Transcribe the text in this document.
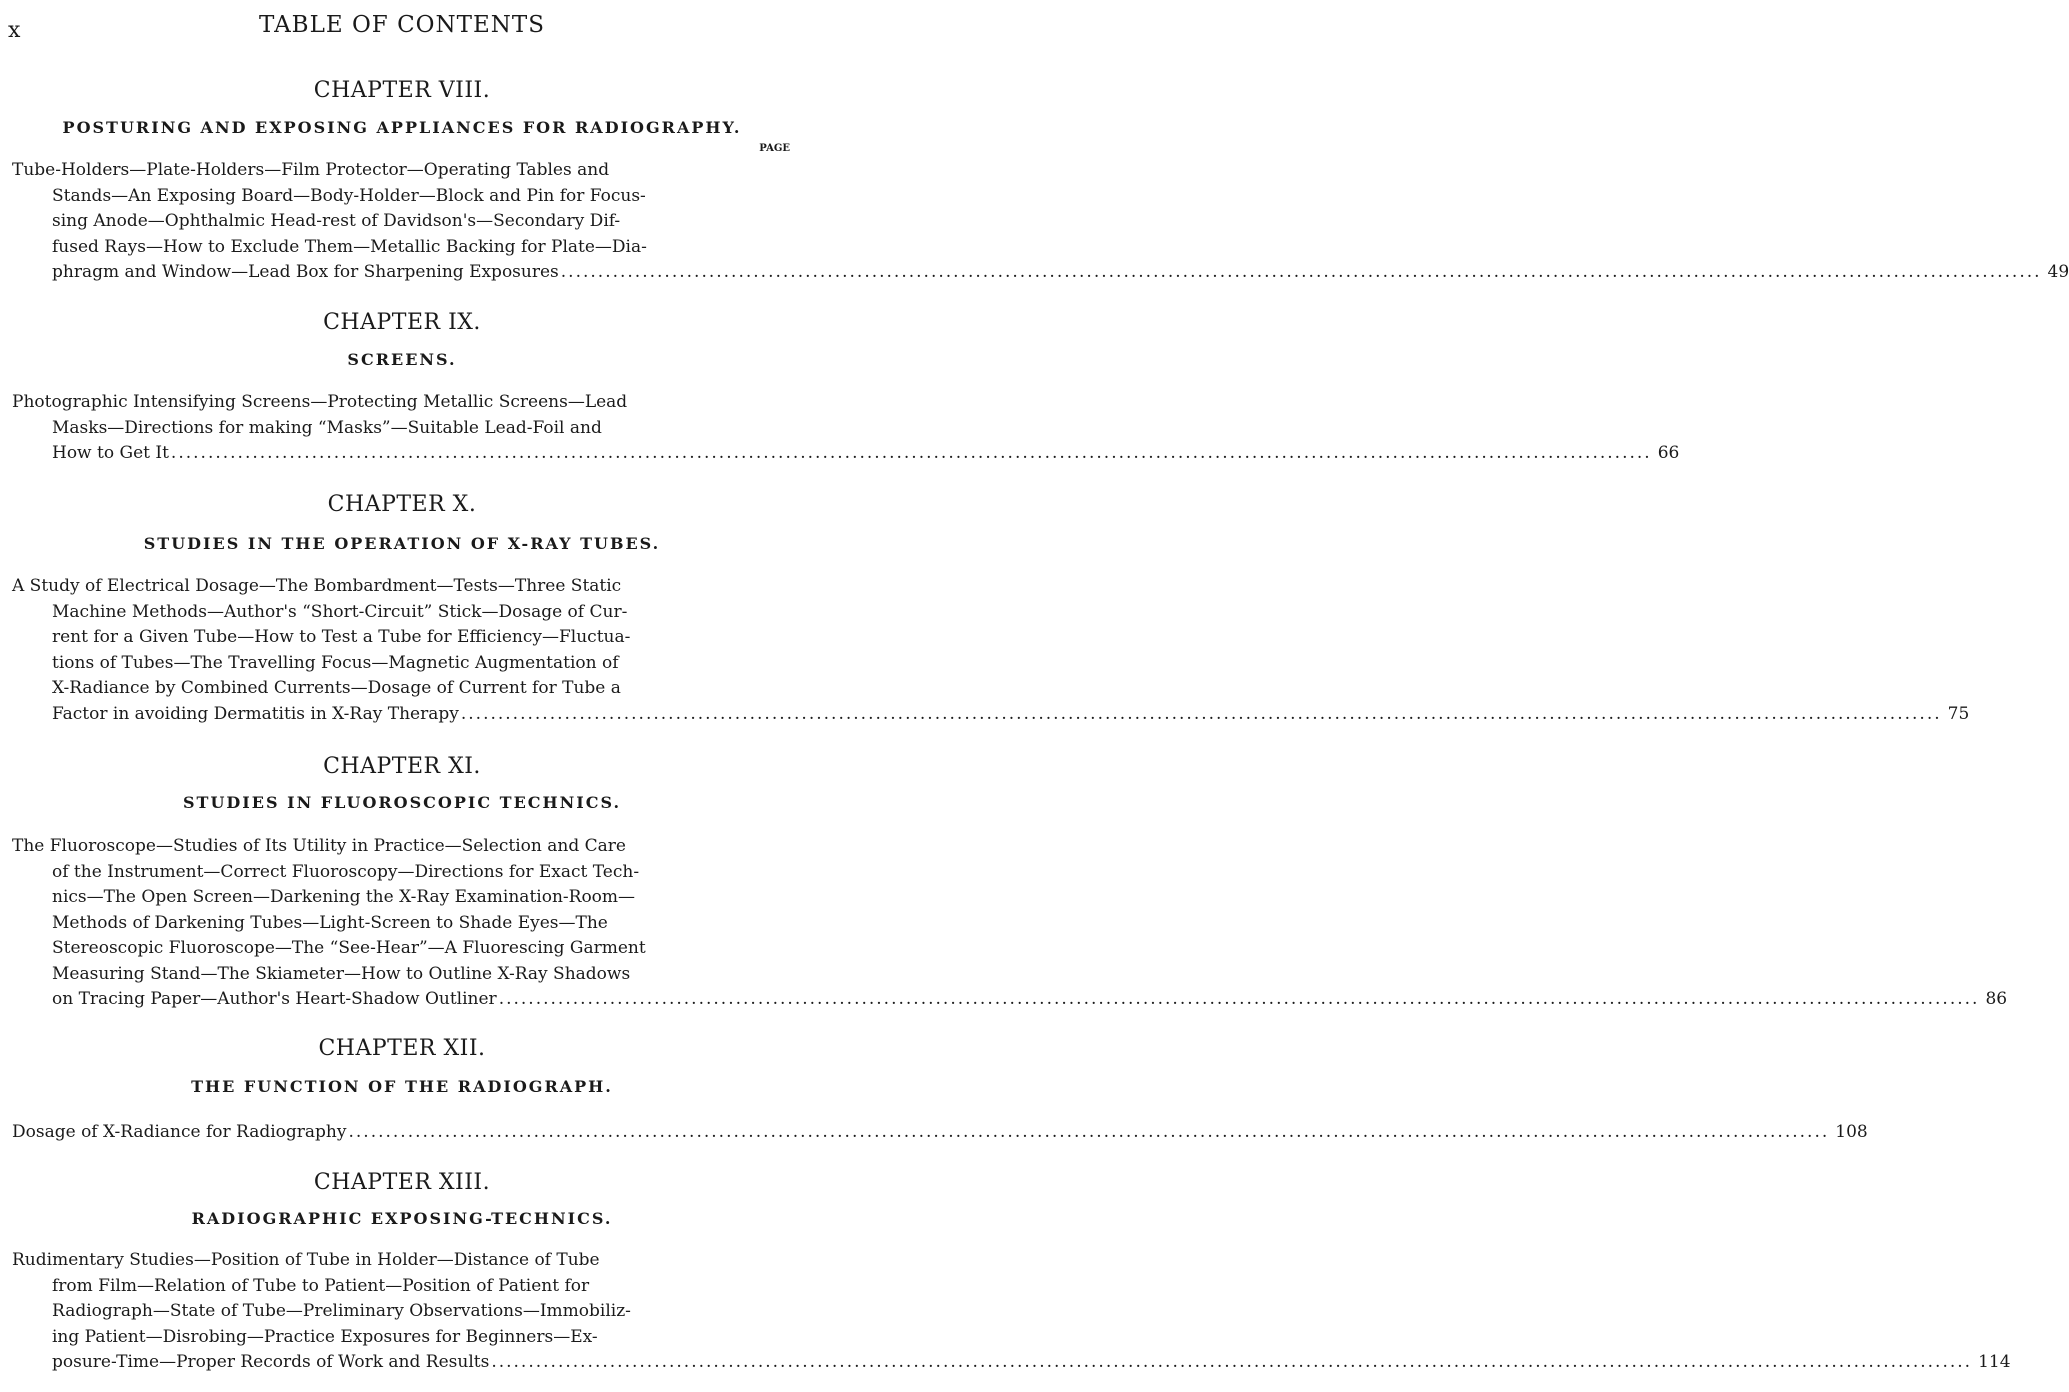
x	TABLE OF CONTENTS
PAGE
CHAPTER VIII.
POSTURING AND EXPOSING APPLIANCES FOR RADIOGRAPHY.
Tube-Holders—Plate-Holders—Film Protector—Operating Tables and
Stands—An Exposing Board—Body-Holder—Block and Pin for Focus-
sing Anode—Ophthalmic Head-rest of Davidson's—Secondary Dif-
fused Rays—How to Exclude Them—Metallic Backing for Plate—Dia-
phragm and Window—Lead Box for Sharpening Exposures ........................................................................................................................................................................................................ 49
CHAPTER IX.
SCREENS.
Photographic Intensifying Screens—Protecting Metallic Screens—Lead
Masks—Directions for making “Masks”—Suitable Lead-Foil and
How to Get It ........................................................................................................................................................................................................ 66
CHAPTER X.
STUDIES IN THE OPERATION OF X-RAY TUBES.
A Study of Electrical Dosage—The Bombardment—Tests—Three Static
Machine Methods—Author's “Short-Circuit” Stick—Dosage of Cur-
rent for a Given Tube—How to Test a Tube for Efficiency—Fluctua-
tions of Tubes—The Travelling Focus—Magnetic Augmentation of
X-Radiance by Combined Currents—Dosage of Current for Tube a
Factor in avoiding Dermatitis in X-Ray Therapy ........................................................................................................................................................................................................ 75
CHAPTER XI.
STUDIES IN FLUOROSCOPIC TECHNICS.
The Fluoroscope—Studies of Its Utility in Practice—Selection and Care
of the Instrument—Correct Fluoroscopy—Directions for Exact Tech-
nics—The Open Screen—Darkening the X-Ray Examination-Room—
Methods of Darkening Tubes—Light-Screen to Shade Eyes—The
Stereoscopic Fluoroscope—The “See-Hear”—A Fluorescing Garment
Measuring Stand—The Skiameter—How to Outline X-Ray Shadows
on Tracing Paper—Author's Heart-Shadow Outliner ........................................................................................................................................................................................................ 86
CHAPTER XII.
THE FUNCTION OF THE RADIOGRAPH.
Dosage of X-Radiance for Radiography ........................................................................................................................................................................................................ 108
CHAPTER XIII.
RADIOGRAPHIC EXPOSING-TECHNICS.
Rudimentary Studies—Position of Tube in Holder—Distance of Tube
from Film—Relation of Tube to Patient—Position of Patient for
Radiograph—State of Tube—Preliminary Observations—Immobiliz-
ing Patient—Disrobing—Practice Exposures for Beginners—Ex-
posure-Time—Proper Records of Work and Results ........................................................................................................................................................................................................ 114
